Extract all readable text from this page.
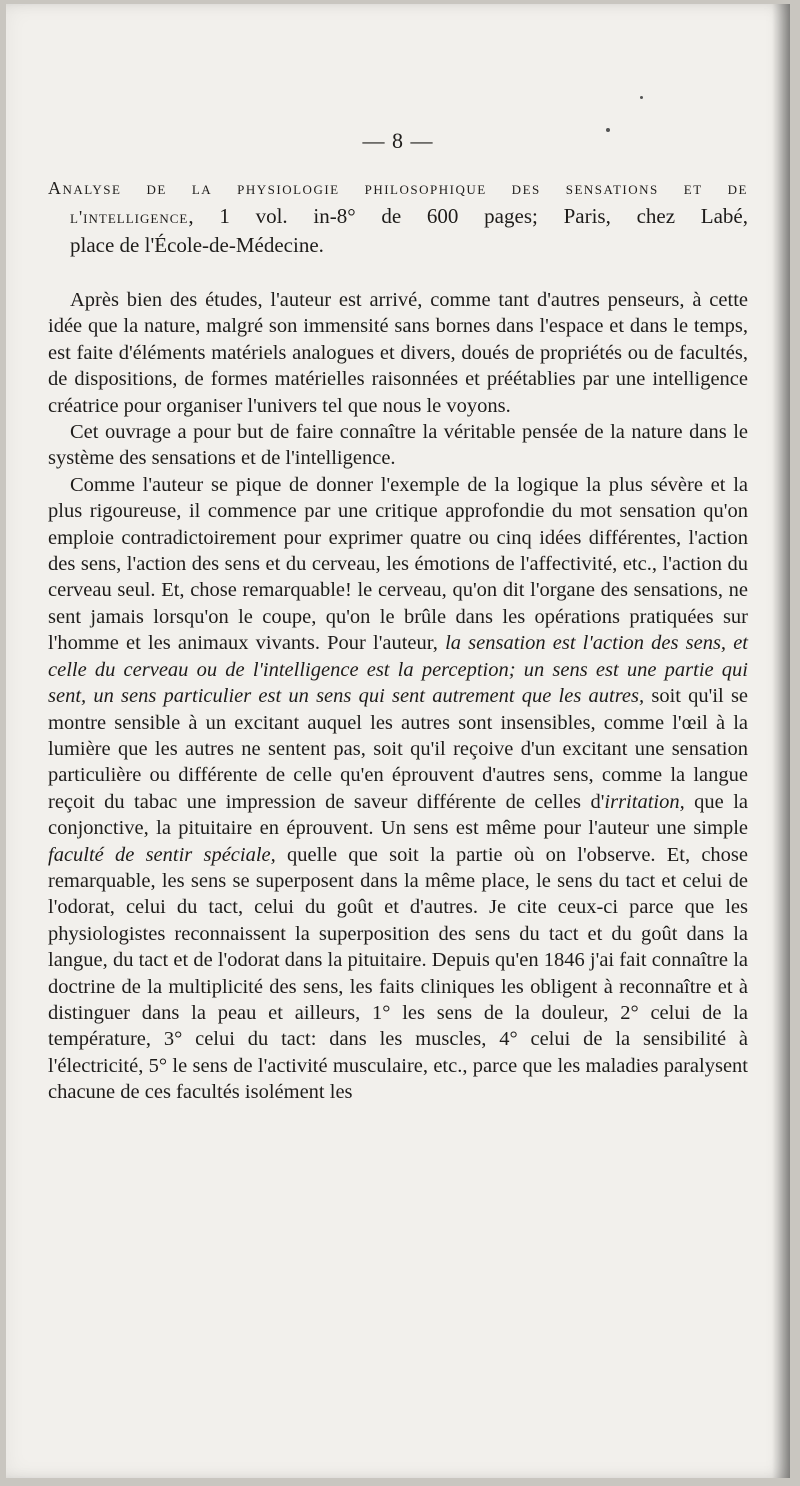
— 8 —
Analyse de la physiologie philosophique des sensations et de
l'intelligence, 1 vol. in-8° de 600 pages; Paris, chez Labé,
place de l'École-de-Médecine.

Après bien des études, l'auteur est arrivé, comme tant d'autres penseurs, à cette idée que la nature, malgré son immensité sans bornes dans l'espace et dans le temps, est faite d'éléments matériels analogues et divers, doués de propriétés ou de facultés, de dispositions, de formes matérielles raisonnées et préétablies par une intelligence créatrice pour organiser l'univers tel que nous le voyons.

Cet ouvrage a pour but de faire connaître la véritable pensée de la nature dans le système des sensations et de l'intelligence.

Comme l'auteur se pique de donner l'exemple de la logique la plus sévère et la plus rigoureuse, il commence par une critique approfondie du mot sensation qu'on emploie contradictoirement pour exprimer quatre ou cinq idées différentes, l'action des sens, l'action des sens et du cerveau, les émotions de l'affectivité, etc., l'action du cerveau seul. Et, chose remarquable! le cerveau, qu'on dit l'organe des sensations, ne sent jamais lorsqu'on le coupe, qu'on le brûle dans les opérations pratiquées sur l'homme et les animaux vivants. Pour l'auteur, la sensation est l'action des sens, et celle du cerveau ou de l'intelligence est la perception; un sens est une partie qui sent, un sens particulier est un sens qui sent autrement que les autres, soit qu'il se montre sensible à un excitant auquel les autres sont insensibles, comme l'œil à la lumière que les autres ne sentent pas, soit qu'il reçoive d'un excitant une sensation particulière ou différente de celle qu'en éprouvent d'autres sens, comme la langue reçoit du tabac une impression de saveur différente de celles d'irritation, que la conjonctive, la pituitaire en éprouvent. Un sens est même pour l'auteur une simple faculté de sentir spéciale, quelle que soit la partie où on l'observe. Et, chose remarquable, les sens se superposent dans la même place, le sens du tact et celui de l'odorat, celui du tact, celui du goût et d'autres. Je cite ceux-ci parce que les physiologistes reconnaissent la superposition des sens du tact et du goût dans la langue, du tact et de l'odorat dans la pituitaire. Depuis qu'en 1846 j'ai fait connaître la doctrine de la multiplicité des sens, les faits cliniques les obligent à reconnaître et à distinguer dans la peau et ailleurs, 1° les sens de la douleur, 2° celui de la température, 3° celui du tact: dans les muscles, 4° celui de la sensibilité à l'électricité, 5° le sens de l'activité musculaire, etc., parce que les maladies paralysent chacune de ces facultés isolément les
